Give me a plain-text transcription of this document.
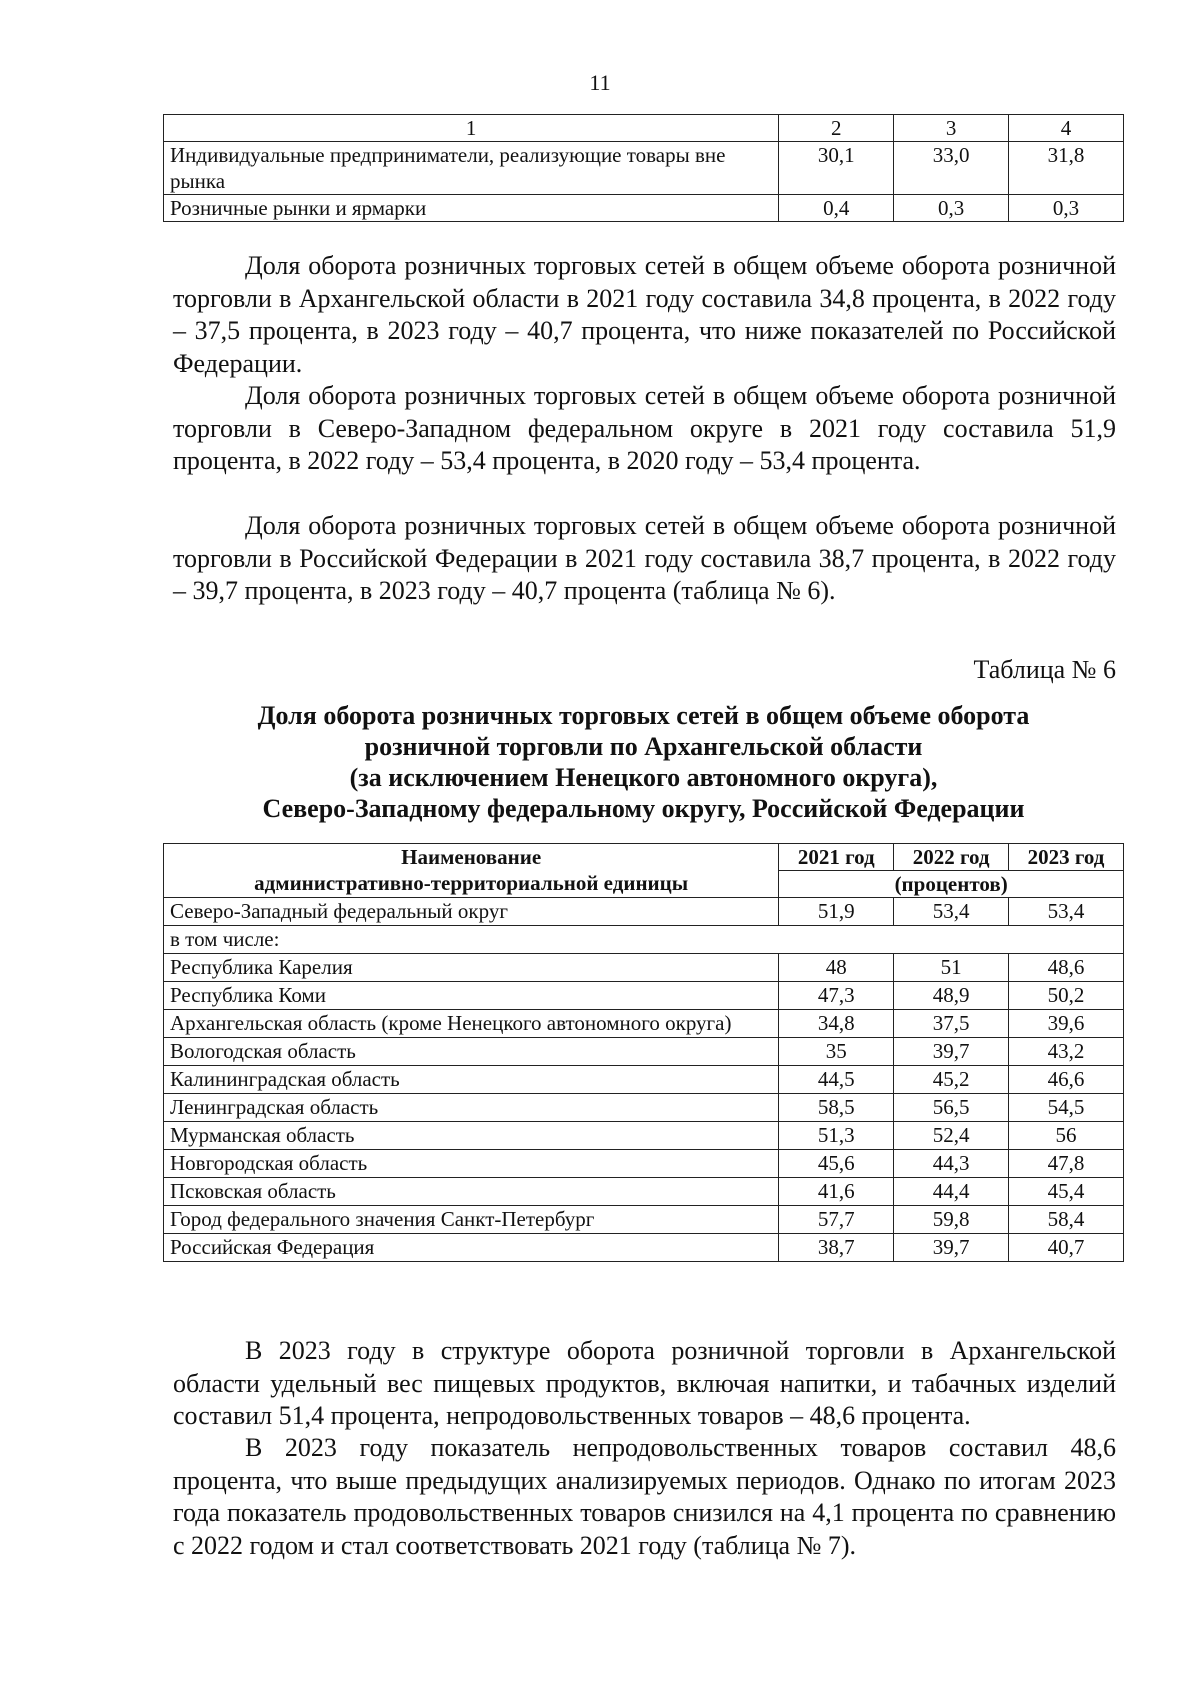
11
1	2	3	4
Индивидуальные предприниматели, реализующие товары вне рынка	30,1	33,0	31,8
Розничные рынки и ярмарки	0,4	0,3	0,3
Доля оборота розничных торговых сетей в общем объеме оборота розничной торговли в Архангельской области в 2021 году составила 34,8 процента, в 2022 году – 37,5 процента, в 2023 году – 40,7 процента, что ниже показателей по Российской Федерации.
Доля оборота розничных торговых сетей в общем объеме оборота розничной торговли в Северо-Западном федеральном округе в 2021 году составила 51,9 процента, в 2022 году – 53,4 процента, в 2020 году – 53,4 процента.
Доля оборота розничных торговых сетей в общем объеме оборота розничной торговли в Российской Федерации в 2021 году составила 38,7 процента, в 2022 году – 39,7 процента, в 2023 году – 40,7 процента (таблица № 6).
Таблица № 6
Доля оборота розничных торговых сетей в общем объеме оборота
розничной торговли по Архангельской области
(за исключением Ненецкого автономного округа),
Северо-Западному федеральному округу, Российской Федерации
Наименование
административно-территориальной единицы	2021 год	2022 год	2023 год
	(процентов)		
Северо-Западный федеральный округ	51,9	53,4	53,4
в том числе:			
Республика Карелия	48	51	48,6
Республика Коми	47,3	48,9	50,2
Архангельская область (кроме Ненецкого автономного округа)	34,8	37,5	39,6
Вологодская область	35	39,7	43,2
Калининградская область	44,5	45,2	46,6
Ленинградская область	58,5	56,5	54,5
Мурманская область	51,3	52,4	56
Новгородская область	45,6	44,3	47,8
Псковская область	41,6	44,4	45,4
Город федерального значения Санкт-Петербург	57,7	59,8	58,4
Российская Федерация	38,7	39,7	40,7
В 2023 году в структуре оборота розничной торговли в Архангельской области удельный вес пищевых продуктов, включая напитки, и табачных изделий составил 51,4 процента, непродовольственных товаров – 48,6 процента.
В 2023 году показатель непродовольственных товаров составил 48,6 процента, что выше предыдущих анализируемых периодов. Однако по итогам 2023 года показатель продовольственных товаров снизился на 4,1 процента по сравнению с 2022 годом и стал соответствовать 2021 году (таблица № 7).
